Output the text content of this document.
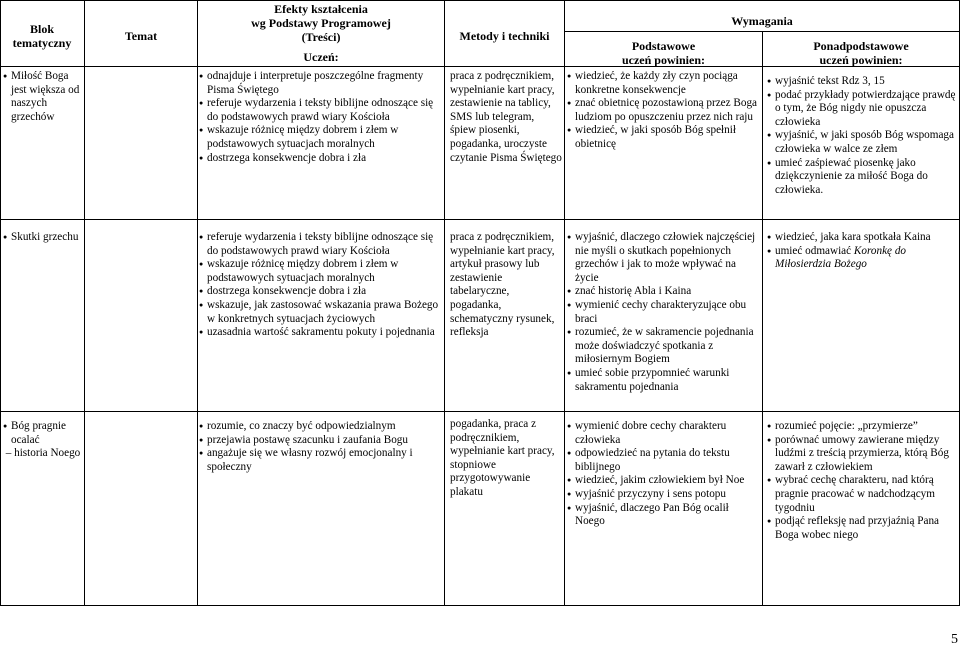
Blok tematyczny	Temat
Efekty kształcenia
wg Podstawy Programowej
(Treści)
Uczeń:
Metody i techniki
Wymagania
Podstawowe
uczeń powinien:
Ponadpodstawowe
uczeń powinien:
● Miłość Boga jest większa od naszych grzechów
● odnajduje i interpretuje poszczególne fragmenty Pisma Świętego
● referuje wydarzenia i teksty biblijne odnoszące się do podstawowych prawd wiary Kościoła
● wskazuje różnicę między dobrem i złem w podstawowych sytuacjach moralnych
● dostrzega konsekwencje dobra i zła
praca z podręcznikiem, wypełnianie kart pracy, zestawienie na tablicy, SMS lub telegram, śpiew piosenki, pogadanka, uroczyste czytanie Pisma Świętego
● wiedzieć, że każdy zły czyn pociąga konkretne konsekwencje
● znać obietnicę pozostawioną przez Boga ludziom po opuszczeniu przez nich raju
● wiedzieć, w jaki sposób Bóg spełnił obietnicę
● wyjaśnić tekst Rdz 3, 15
● podać przykłady potwierdzające prawdę o tym, że Bóg nigdy nie opuszcza człowieka
● wyjaśnić, w jaki sposób Bóg wspomaga człowieka w walce ze złem
● umieć zaśpiewać piosenkę jako dziękczynienie za miłość Boga do człowieka.
● Skutki grzechu
●	referuje wydarzenia i teksty biblijne odnoszące się do podstawowych prawd wiary Kościoła
● wskazuje różnicę między dobrem i złem w podstawowych sytuacjach moralnych
● dostrzega konsekwencje dobra i zła
● wskazuje, jak zastosować wskazania prawa Bożego w konkretnych sytuacjach życiowych
● uzasadnia wartość sakramentu pokuty i pojednania
praca z podręcznikiem, wypełnianie kart pracy, artykuł prasowy lub zestawienie tabelaryczne, pogadanka, schematyczny rysunek, refleksja
● wyjaśnić, dlaczego człowiek najczęściej nie myśli o skutkach popełnionych grzechów i jak to może wpływać na życie
● znać historię Abla i Kaina
● wymienić cechy charakteryzujące obu braci
● rozumieć, że w sakramencie pojednania może doświadczyć spotkania z miłosiernym Bogiem
● umieć sobie przypomnieć warunki sakramentu pojednania
● wiedzieć, jaka kara spotkała Kaina
● umieć odmawiać Koronkę do Miłosierdzia Bożego
● Bóg pragnie ocalać
– historia Noego
● rozumie, co znaczy być odpowiedzialnym
● przejawia postawę szacunku i zaufania Bogu
● angażuje się we własny rozwój emocjonalny i społeczny
pogadanka, praca z podręcznikiem, wypełnianie kart pracy, stopniowe przygotowywanie plakatu
● wymienić dobre cechy charakteru człowieka
● odpowiedzieć na pytania do tekstu biblijnego
● wiedzieć, jakim człowiekiem był Noe
● wyjaśnić przyczyny i sens potopu
● wyjaśnić, dlaczego Pan Bóg ocalił Noego
● rozumieć pojęcie: „przymierze”
● porównać umowy zawierane między ludźmi z treścią przymierza, którą Bóg zawarł z człowiekiem
● wybrać cechę charakteru, nad którą pragnie pracować w nadchodzącym tygodniu
● podjąć refleksję nad przyjaźnią Pana Boga wobec niego
5
